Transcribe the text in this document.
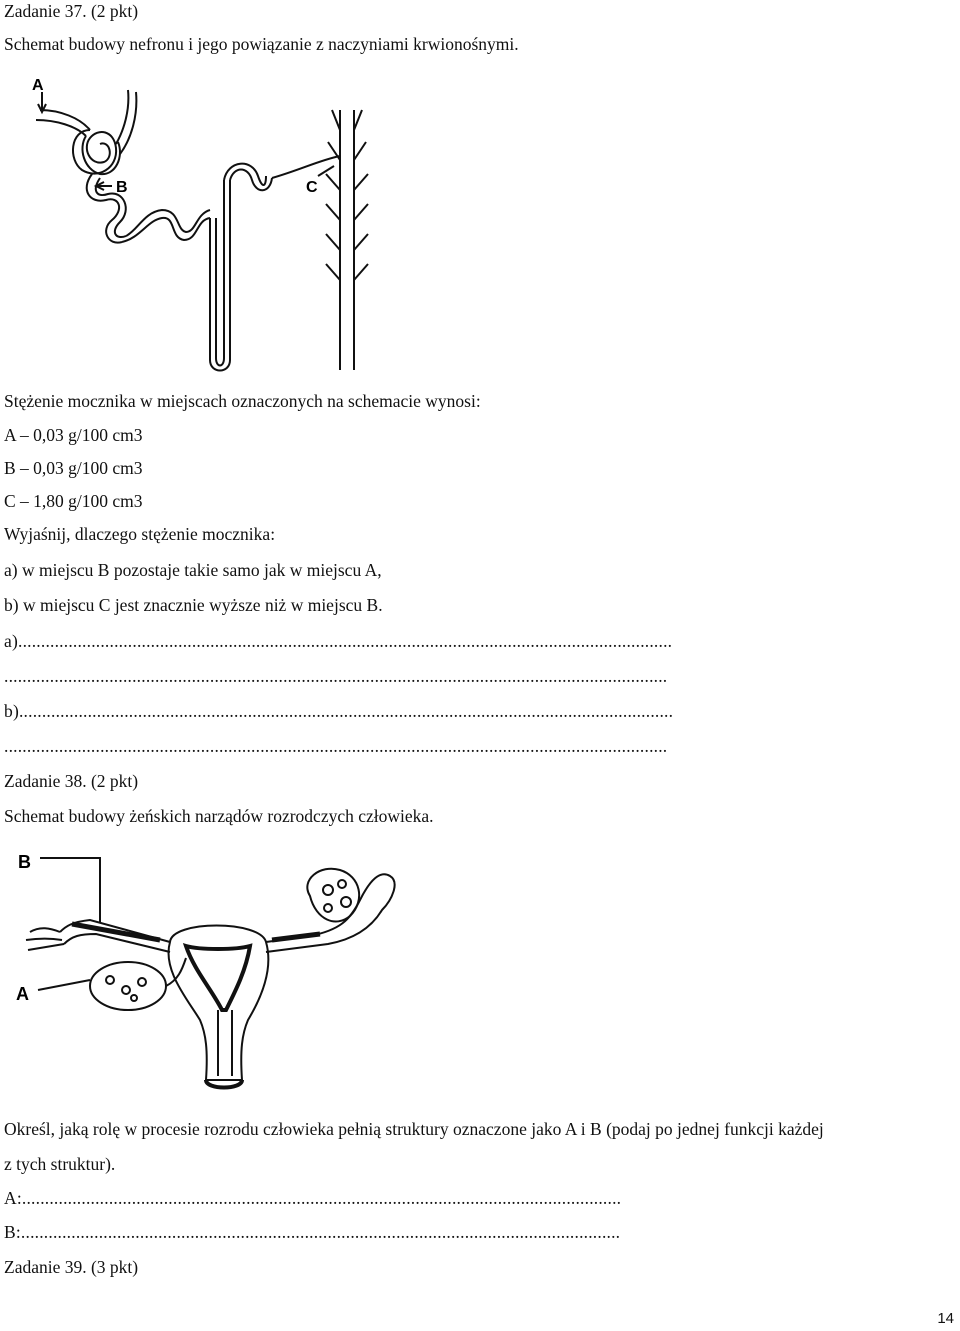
Zadanie 37. (2 pkt)
Schemat budowy nefronu i jego powiązanie z naczyniami krwionośnymi.
A
B	C
Stężenie mocznika w miejscach oznaczonych na schemacie wynosi:
A – 0,03 g/100 cm3
B – 0,03 g/100 cm3
C – 1,80 g/100 cm3
Wyjaśnij, dlaczego stężenie mocznika:
a) w miejscu B pozostaje takie samo jak w miejscu A,
b) w miejscu C jest znacznie wyższe niż w miejscu B.
a)...............................................................................................................................................
.................................................................................................................................................
b)...............................................................................................................................................
.................................................................................................................................................
Zadanie 38. (2 pkt)
Schemat budowy żeńskich narządów rozrodczych człowieka.
B
A
Określ, jaką rolę w procesie rozrodu człowieka pełnią struktury oznaczone jako A i B (podaj po jednej funkcji każdej
z tych struktur).
A:...................................................................................................................................
B:...................................................................................................................................
Zadanie 39. (3 pkt)
14
